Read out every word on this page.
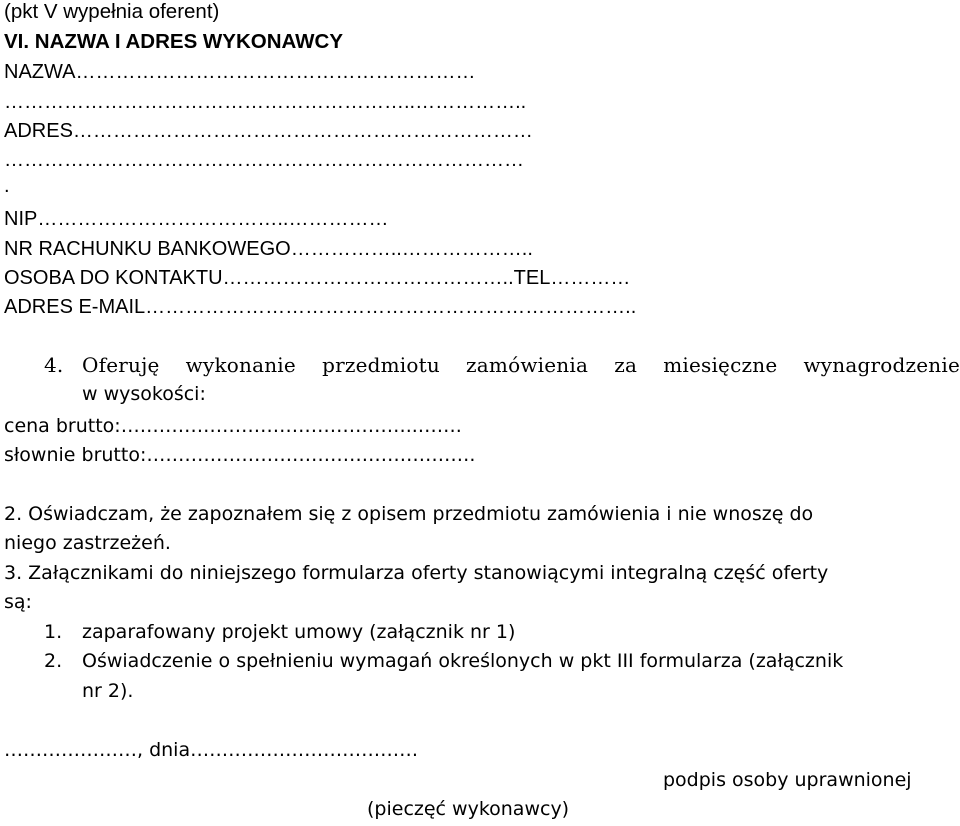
(pkt V wypełnia oferent)
VI. NAZWA I ADRES WYKONAWCY
NAZWA……………………………………………………
……………………………………………………..……………..
ADRES……………………………………………………………
……………………………………………………………………
.
NIP………………………………..……………
NR RACHUNKU BANKOWEGO……………..………………..
OSOBA DO KONTAKTU……………………………………..TEL…………
ADRES E-MAIL………………………………………………………………..
4. Oferuję wykonanie przedmiotu zamówienia za miesięczne wynagrodzenie
w wysokości:
cena brutto:………………………………………..…….
słownie brutto:…………………………………………….
2. Oświadczam, że zapoznałem się z opisem przedmiotu zamówienia i nie wnoszę do
niego zastrzeżeń.
3. Załącznikami do niniejszego formularza oferty stanowiącymi integralną część oferty
są:
1. zaparafowany projekt umowy (załącznik nr 1)
2. Oświadczenie o spełnieniu wymagań określonych w pkt III formularza (załącznik
nr 2).
…………………, dnia………………………………
podpis osoby uprawnionej
(pieczęć wykonawcy)
